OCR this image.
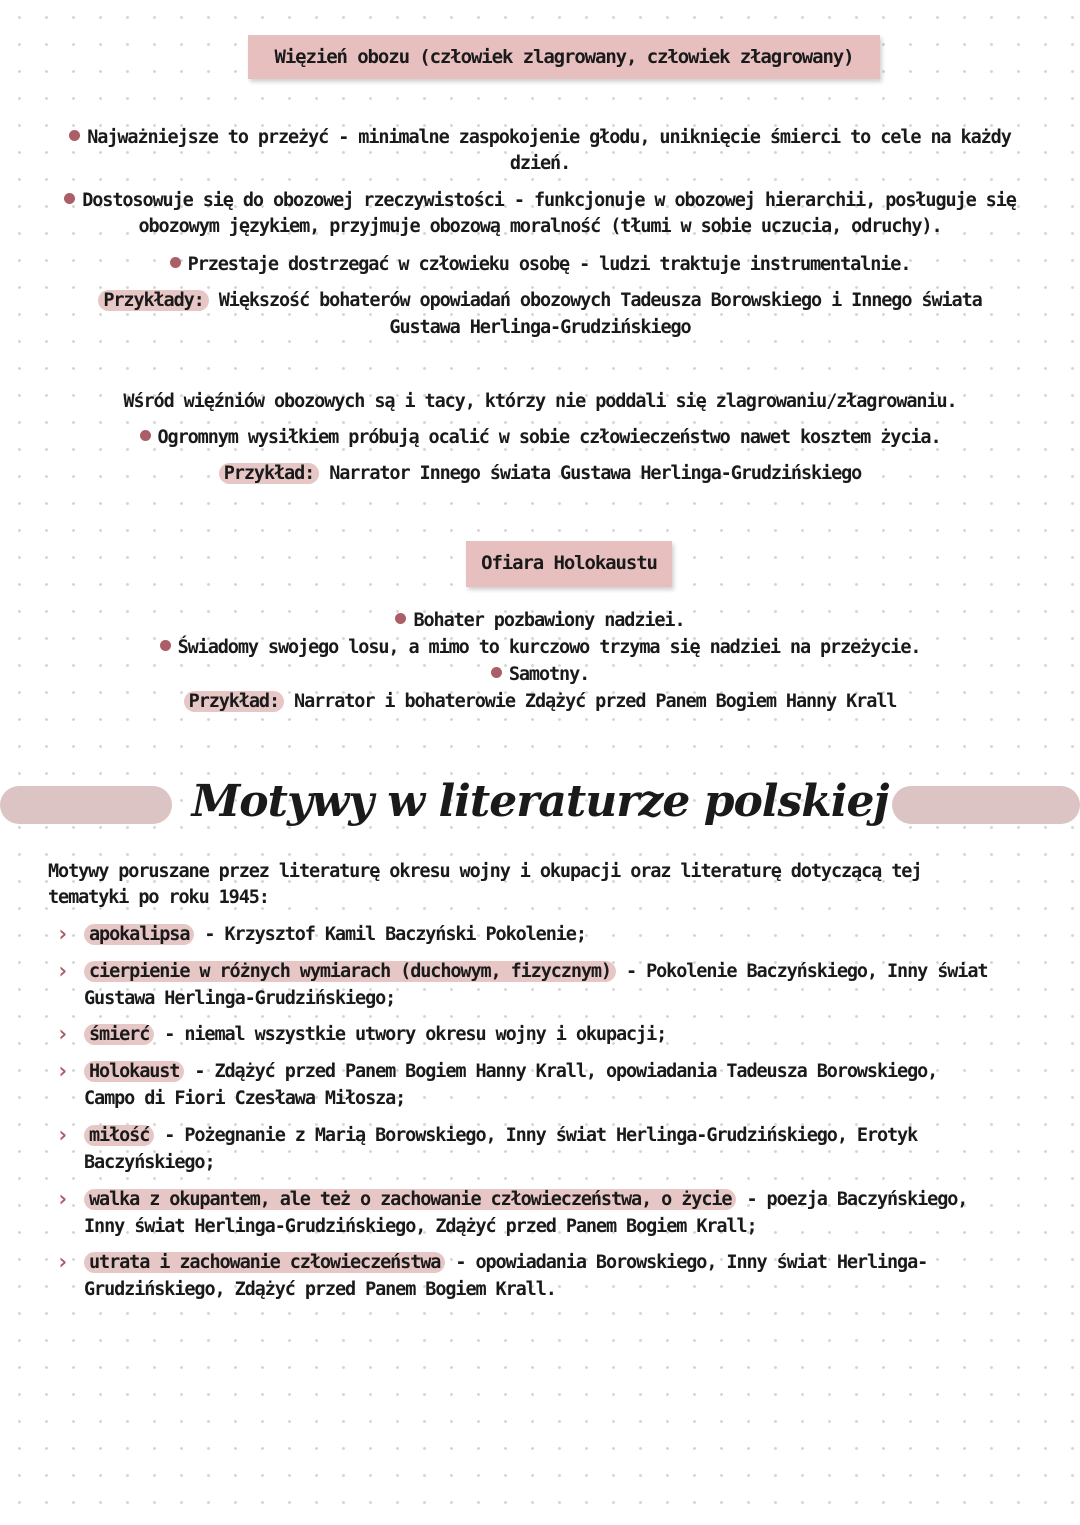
Więzień obozu (człowiek zlagrowany, człowiek złagrowany)
Najważniejsze to przeżyć - minimalne zaspokojenie głodu, uniknięcie śmierci to cele na każdy
dzień.
Dostosowuje się do obozowej rzeczywistości - funkcjonuje w obozowej hierarchii, posługuje się
obozowym językiem, przyjmuje obozową moralność (tłumi w sobie uczucia, odruchy).
Przestaje dostrzegać w człowieku osobę - ludzi traktuje instrumentalnie.
Przykłady: Większość bohaterów opowiadań obozowych Tadeusza Borowskiego i Innego świata
Gustawa Herlinga-Grudzińskiego
Wśród więźniów obozowych są i tacy, którzy nie poddali się zlagrowaniu/złagrowaniu.
Ogromnym wysiłkiem próbują ocalić w sobie człowieczeństwo nawet kosztem życia.
Przykład: Narrator Innego świata Gustawa Herlinga-Grudzińskiego
Ofiara Holokaustu
Bohater pozbawiony nadziei.
Świadomy swojego losu, a mimo to kurczowo trzyma się nadziei na przeżycie.
Samotny.
Przykład: Narrator i bohaterowie Zdążyć przed Panem Bogiem Hanny Krall
Motywy w literaturze polskiej
Motywy poruszane przez literaturę okresu wojny i okupacji oraz literaturę dotyczącą tej
tematyki po roku 1945:
› apokalipsa - Krzysztof Kamil Baczyński Pokolenie;
› cierpienie w różnych wymiarach (duchowym, fizycznym) - Pokolenie Baczyńskiego, Inny świat
Gustawa Herlinga-Grudzińskiego;
› śmierć - niemal wszystkie utwory okresu wojny i okupacji;
› Holokaust - Zdążyć przed Panem Bogiem Hanny Krall, opowiadania Tadeusza Borowskiego,
Campo di Fiori Czesława Miłosza;
› miłość - Pożegnanie z Marią Borowskiego, Inny świat Herlinga-Grudzińskiego, Erotyk
Baczyńskiego;
› walka z okupantem, ale też o zachowanie człowieczeństwa, o życie - poezja Baczyńskiego,
Inny świat Herlinga-Grudzińskiego, Zdążyć przed Panem Bogiem Krall;
› utrata i zachowanie człowieczeństwa - opowiadania Borowskiego, Inny świat Herlinga-
Grudzińskiego, Zdążyć przed Panem Bogiem Krall.
